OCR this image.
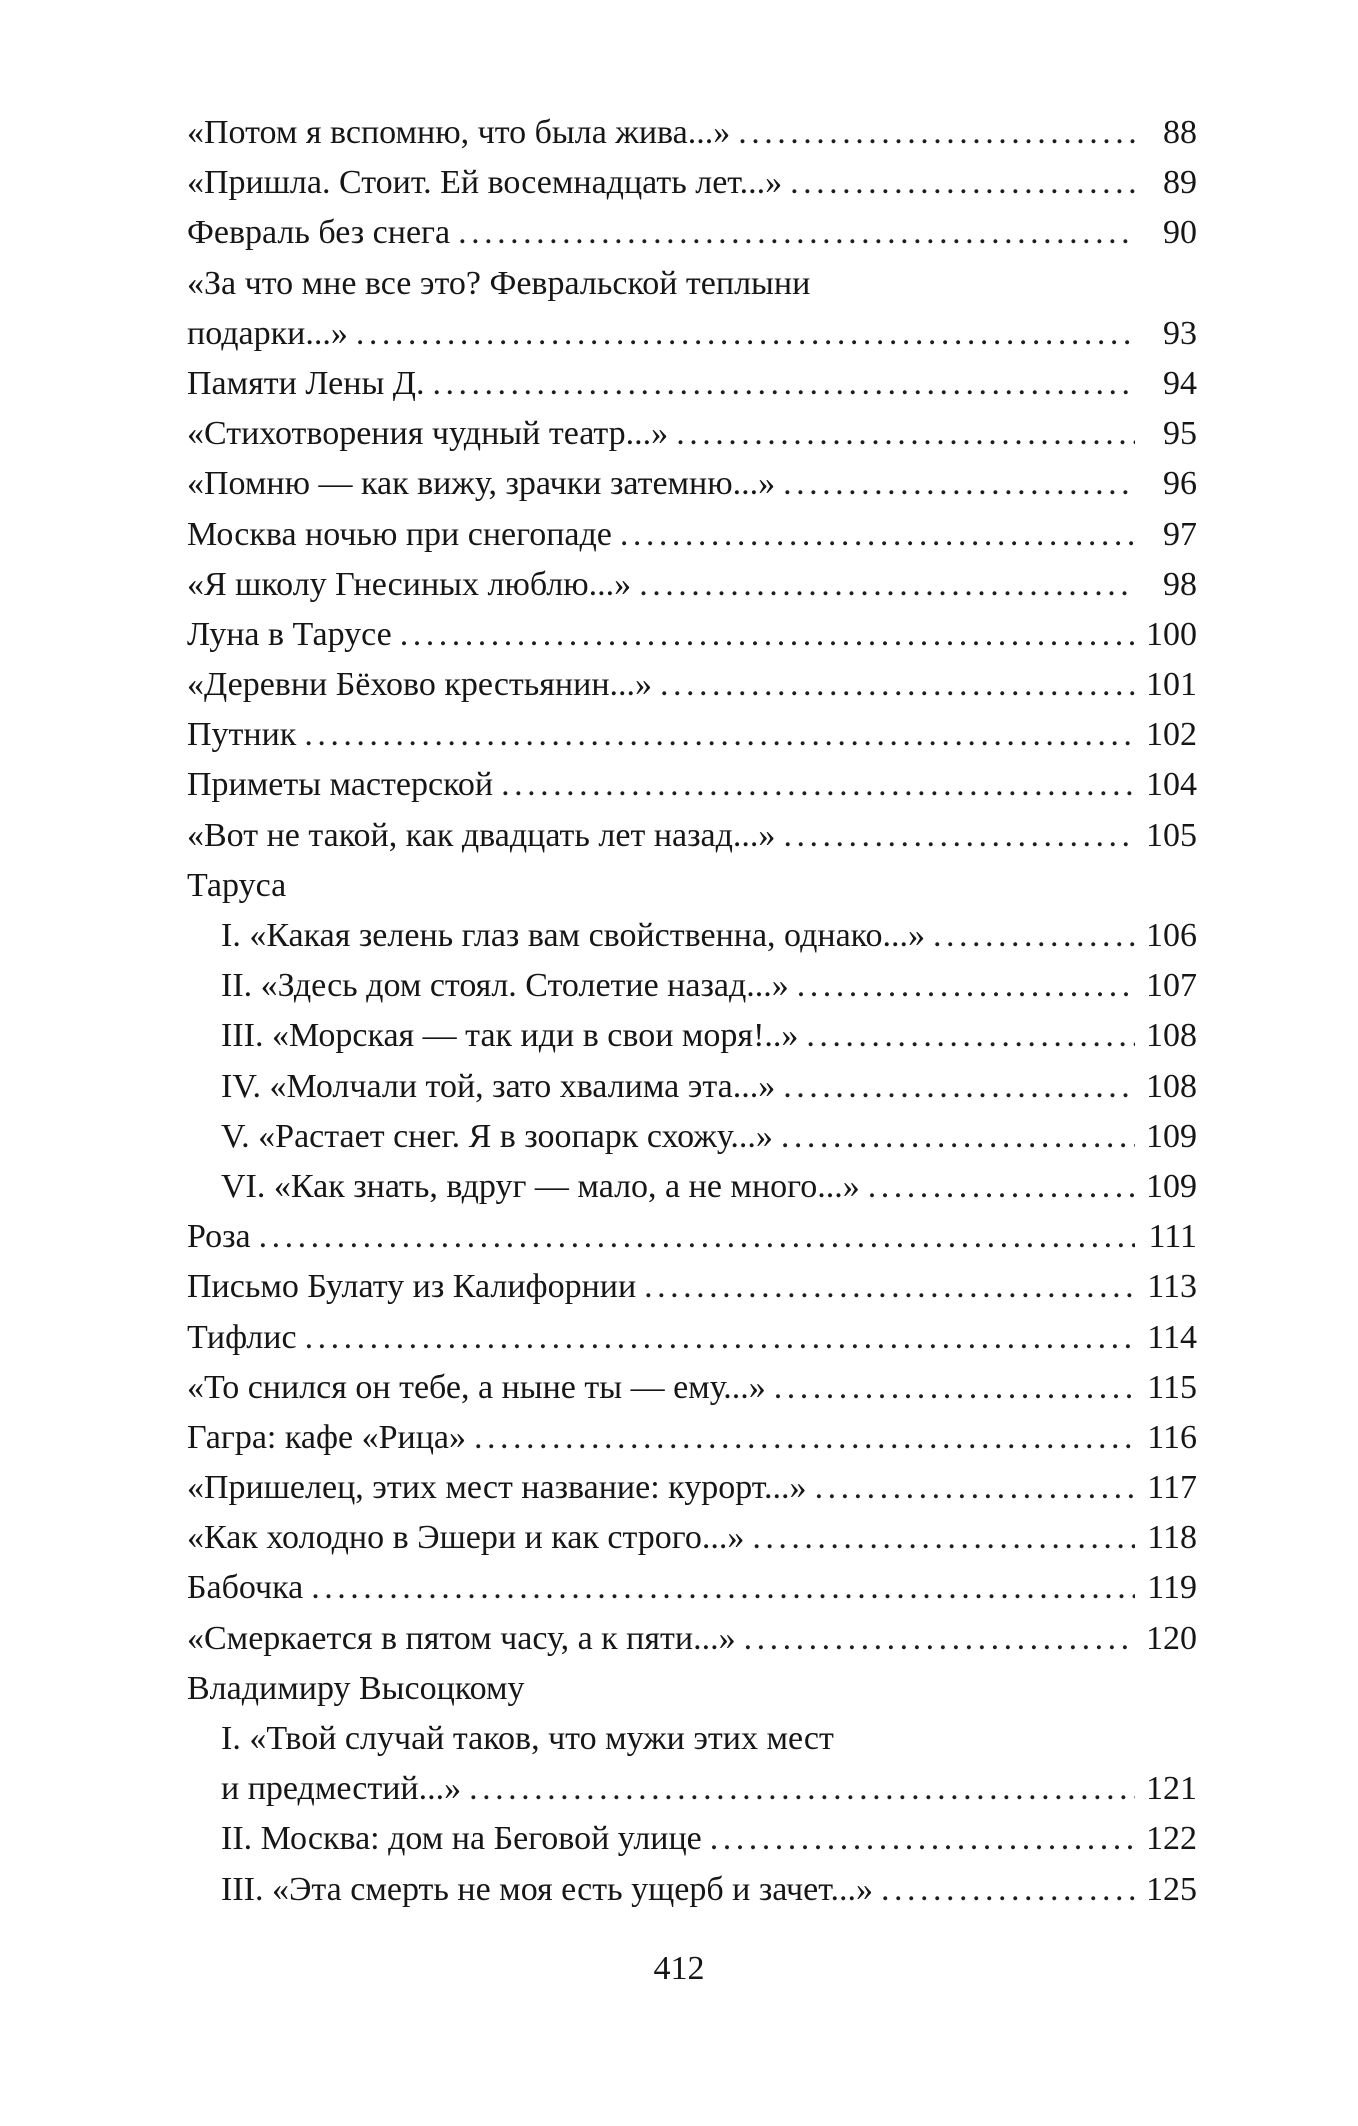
«Потом я вспомню, что была жива...» . . .	88
«Пришла. Стоит. Ей восемнадцать лет...» . . .	89
Февраль без снега . . .	90
«За что мне все это? Февральской теплыни
подарки...» . . .	93
Памяти Лены Д. . . .	94
«Стихотворения чудный театр...» . . .	95
«Помню — как вижу, зрачки затемню...» . . .	96
Москва ночью при снегопаде . . .	97
«Я школу Гнесиных люблю...» . . .	98
Луна в Тарусе . . .	100
«Деревни Бёхово крестьянин...» . . .	101
Путник . . .	102
Приметы мастерской . . .	104
«Вот не такой, как двадцать лет назад...» . . .	105
Таруса
I. «Какая зелень глаз вам свойственна, однако...» . . .	106
II. «Здесь дом стоял. Столетие назад...» . . .	107
III. «Морская — так иди в свои моря!..» . . .	108
IV. «Молчали той, зато хвалима эта...» . . .	108
V. «Растает снег. Я в зоопарк схожу...» . . .	109
VI. «Как знать, вдруг — мало, а не много...» . . .	109
Роза . . .	111
Письмо Булату из Калифорнии . . .	113
Тифлис . . .	114
«То снился он тебе, а ныне ты — ему...» . . .	115
Гагра: кафе «Рица» . . .	116
«Пришелец, этих мест название: курорт...» . . .	117
«Как холодно в Эшери и как строго...» . . .	118
Бабочка . . .	119
«Смеркается в пятом часу, а к пяти...» . . .	120
Владимиру Высоцкому
I. «Твой случай таков, что мужи этих мест
и предместий...» . . .	121
II. Москва: дом на Беговой улице . . .	122
III. «Эта смерть не моя есть ущерб и зачет...» . . .	125
412
